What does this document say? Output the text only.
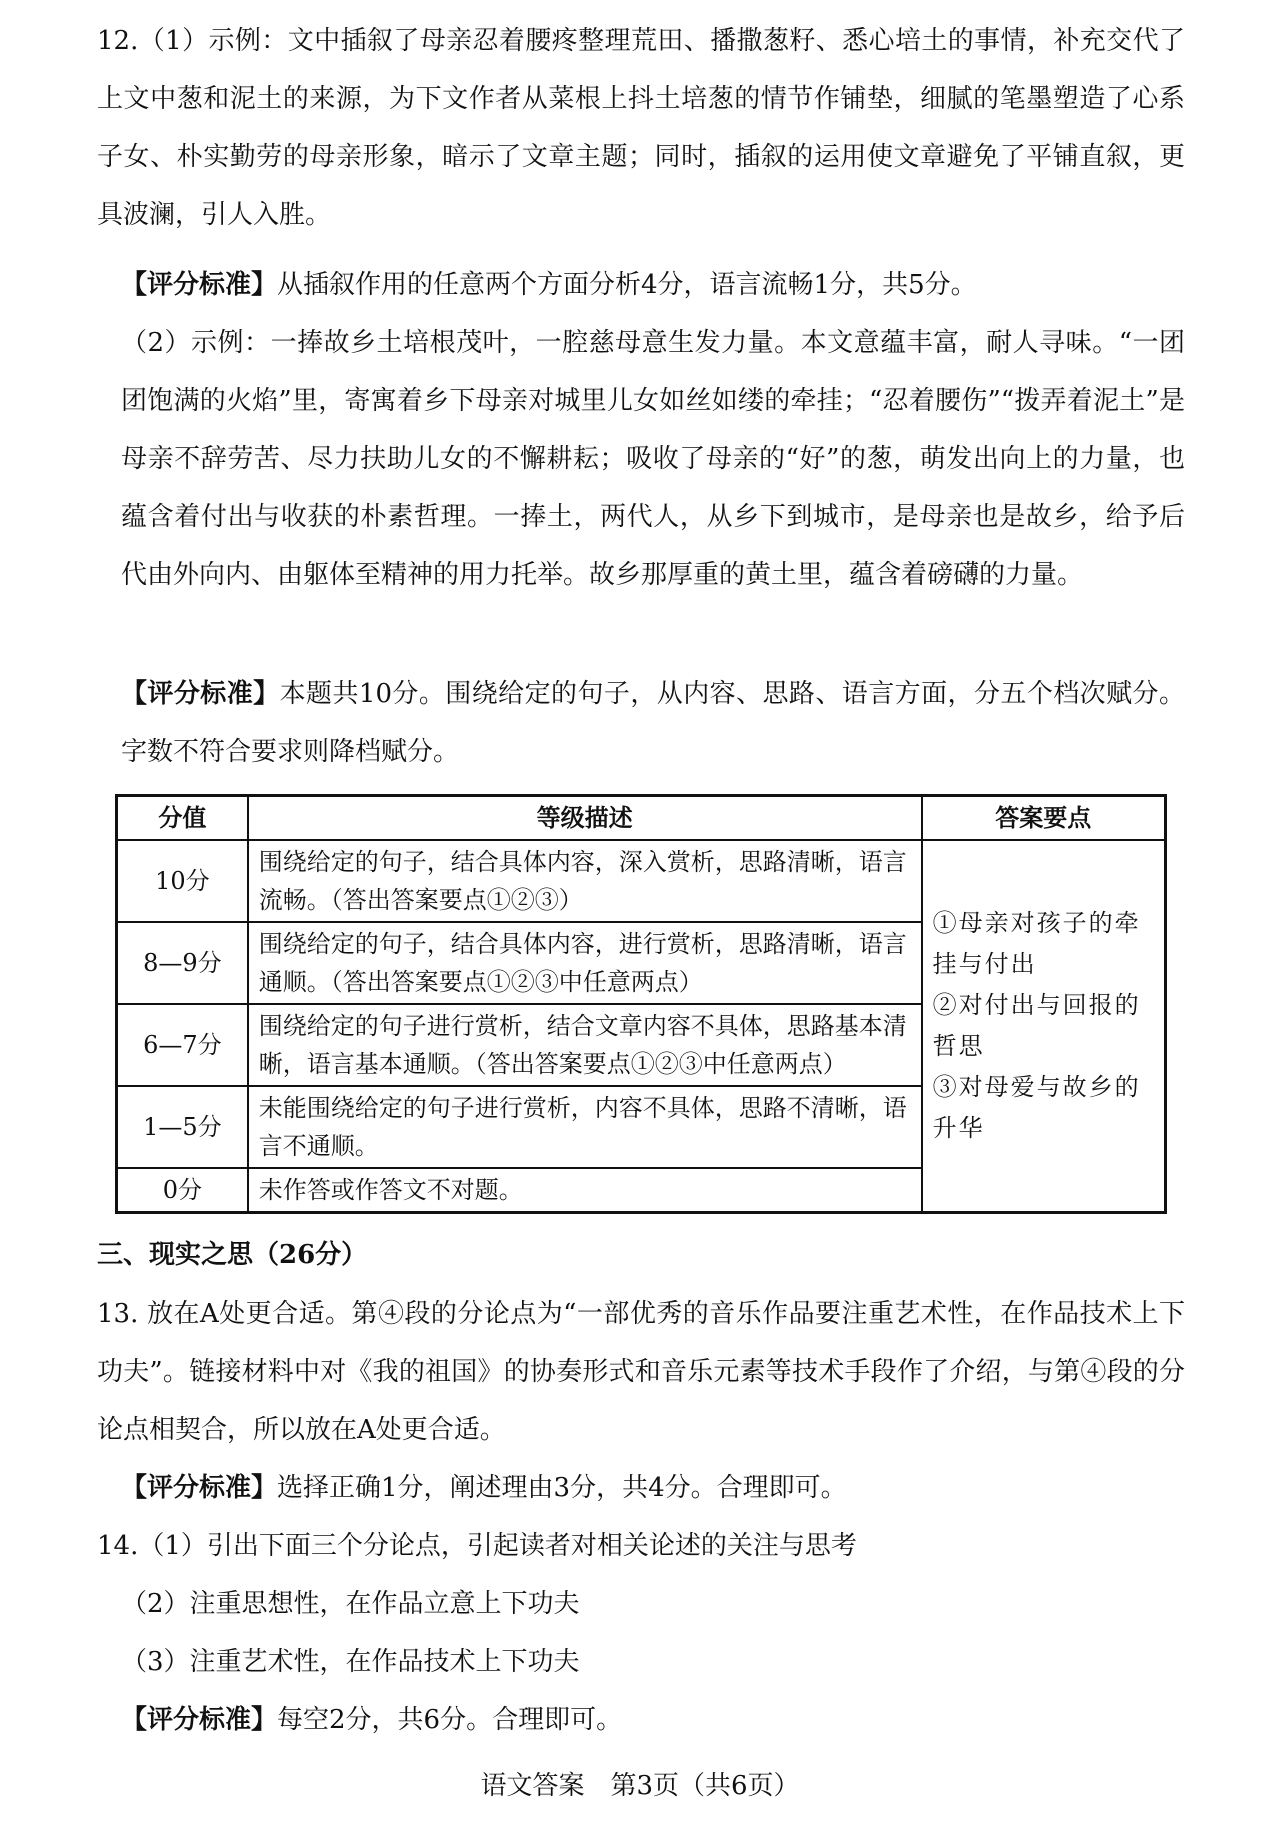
12.（1）示例：文中插叙了母亲忍着腰疼整理荒田、播撒葱籽、悉心培土的事情，补充交代了上文中葱和泥土的来源，为下文作者从菜根上抖土培葱的情节作铺垫，细腻的笔墨塑造了心系子女、朴实勤劳的母亲形象，暗示了文章主题；同时，插叙的运用使文章避免了平铺直叙，更具波澜，引人入胜。

【评分标准】从插叙作用的任意两个方面分析4分，语言流畅1分，共5分。

（2）示例：一捧故乡土培根茂叶，一腔慈母意生发力量。本文意蕴丰富，耐人寻味。“一团团饱满的火焰”里，寄寓着乡下母亲对城里儿女如丝如缕的牵挂；“忍着腰伤”“拨弄着泥土”是母亲不辞劳苦、尽力扶助儿女的不懈耕耘；吸收了母亲的“好”的葱，萌发出向上的力量，也蕴含着付出与收获的朴素哲理。一捧土，两代人，从乡下到城市，是母亲也是故乡，给予后代由外向内、由躯体至精神的用力托举。故乡那厚重的黄土里，蕴含着磅礴的力量。

【评分标准】本题共10分。围绕给定的句子，从内容、思路、语言方面，分五个档次赋分。字数不符合要求则降档赋分。

分值	等级描述	答案要点
10分	围绕给定的句子，结合具体内容，深入赏析，思路清晰，语言流畅。（答出答案要点①②③）	①母亲对孩子的牵挂与付出
②对付出与回报的哲思
③对母爱与故乡的升华

8—9分	围绕给定的句子，结合具体内容，进行赏析，思路清晰，语言通顺。（答出答案要点①②③中任意两点）	
6—7分	围绕给定的句子进行赏析，结合文章内容不具体，思路基本清晰，语言基本通顺。（答出答案要点①②③中任意两点）	
1—5分	未能围绕给定的句子进行赏析，内容不具体，思路不清晰，语言不通顺。	
0分	未作答或作答文不对题。	
三、现实之思（26分）

13. 放在A处更合适。第④段的分论点为“一部优秀的音乐作品要注重艺术性，在作品技术上下功夫”。链接材料中对《我的祖国》的协奏形式和音乐元素等技术手段作了介绍，与第④段的分论点相契合，所以放在A处更合适。

【评分标准】选择正确1分，阐述理由3分，共4分。合理即可。

14.（1）引出下面三个分论点，引起读者对相关论述的关注与思考

（2）注重思想性，在作品立意上下功夫

（3）注重艺术性，在作品技术上下功夫

【评分标准】每空2分，共6分。合理即可。

语文答案　第3页（共6页）
